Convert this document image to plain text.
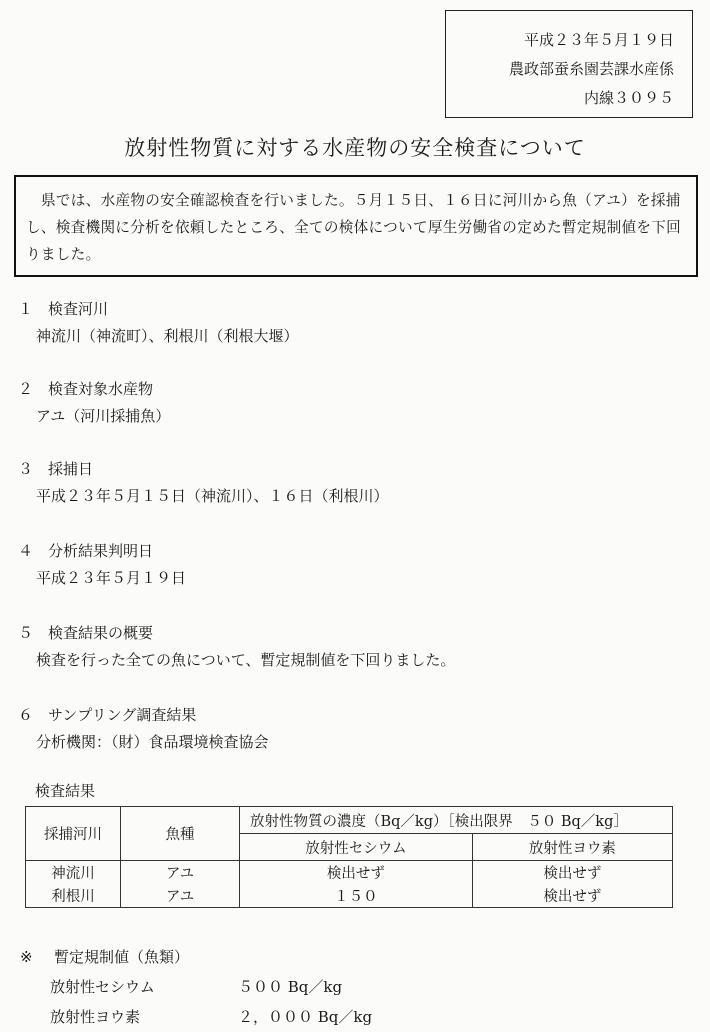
平成２３年５月１９日
農政部蚕糸園芸課水産係
内線３０９５
放射性物質に対する水産物の安全検査について
県では、水産物の安全確認検査を行いました。５月１５日、１６日に河川から魚（アユ）を採捕し、検査機関に分析を依頼したところ、全ての検体について厚生労働省の定めた暫定規制値を下回りました。
１ 検査河川
神流川（神流町）、利根川（利根大堰）
２ 検査対象水産物
アユ（河川採捕魚）
３ 採捕日
平成２３年５月１５日（神流川）、１６日（利根川）
４ 分析結果判明日
平成２３年５月１９日
５ 検査結果の概要
検査を行った全ての魚について、暫定規制値を下回りました。
６ サンプリング調査結果
分析機関：（財）食品環境検査協会
検査結果
採捕河川	魚種	放射性物質の濃度（Bq／kg）［検出限界　５０ Bq／kg］	
		放射性セシウム	放射性ヨウ素
神流川	アユ	検出せず	検出せず
利根川	アユ	１５０	検出せず
※ 暫定規制値（魚類）
放射性セシウム	５００ Bq／kg
放射性ヨウ素	２，０００ Bq／kg
